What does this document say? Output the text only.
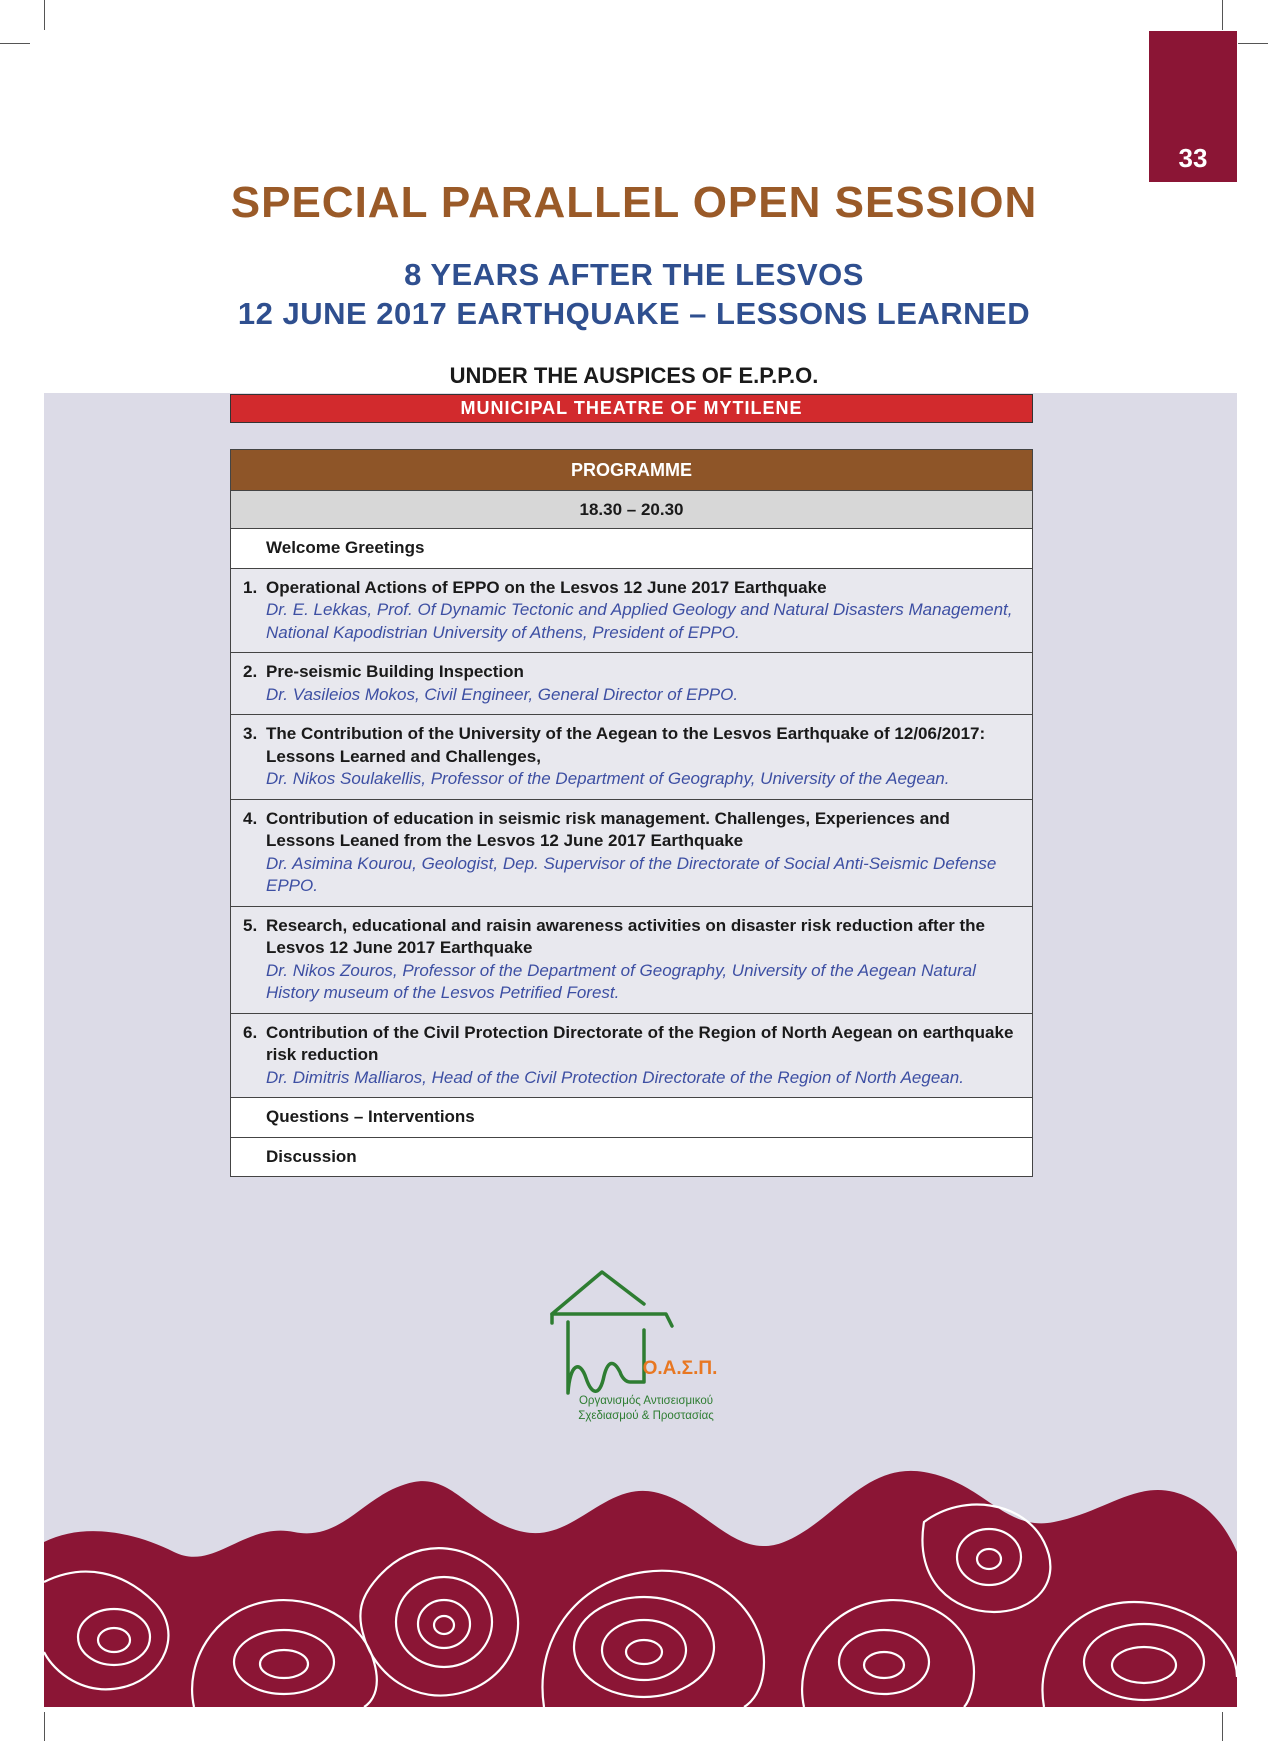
33
SPECIAL PARALLEL OPEN SESSION
8 YEARS AFTER THE LESVOS
12 JUNE 2017 EARTHQUAKE – LESSONS LEARNED
UNDER THE AUSPICES OF E.P.P.O.
MUNICIPAL THEATRE OF MYTILENE
PROGRAMME
18.30 – 20.30
Welcome Greetings
1. Operational Actions of EPPO on the Lesvos 12 June 2017 Earthquake
Dr. E. Lekkas, Prof. Of Dynamic Tectonic and Applied Geology and Natural Disasters Management, National Kapodistrian University of Athens, President of EPPO.
2. Pre-seismic Building Inspection
Dr. Vasileios Mokos, Civil Engineer, General Director of EPPO.
3. The Contribution of the University of the Aegean to the Lesvos Earthquake of 12/06/2017: Lessons Learned and Challenges,
Dr. Nikos Soulakellis, Professor of the Department of Geography, University of the Aegean.
4. Contribution of education in seismic risk management. Challenges, Experiences and Lessons Leaned from the Lesvos 12 June 2017 Earthquake
Dr. Asimina Kourou, Geologist, Dep. Supervisor of the Directorate of Social Anti-Seismic Defense EPPO.
5. Research, educational and raisin awareness activities on disaster risk reduction after the Lesvos 12 June 2017 Earthquake
Dr. Nikos Zouros, Professor of the Department of Geography, University of the Aegean Natural History museum of the Lesvos Petrified Forest.
6. Contribution of the Civil Protection Directorate of the Region of North Aegean on earthquake risk reduction
Dr. Dimitris Malliaros, Head of the Civil Protection Directorate of the Region of North Aegean.
Questions – Interventions
Discussion
Ο.Α.Σ.Π.
Οργανισμός Αντισεισμικού
Σχεδιασμού & Προστασίας
